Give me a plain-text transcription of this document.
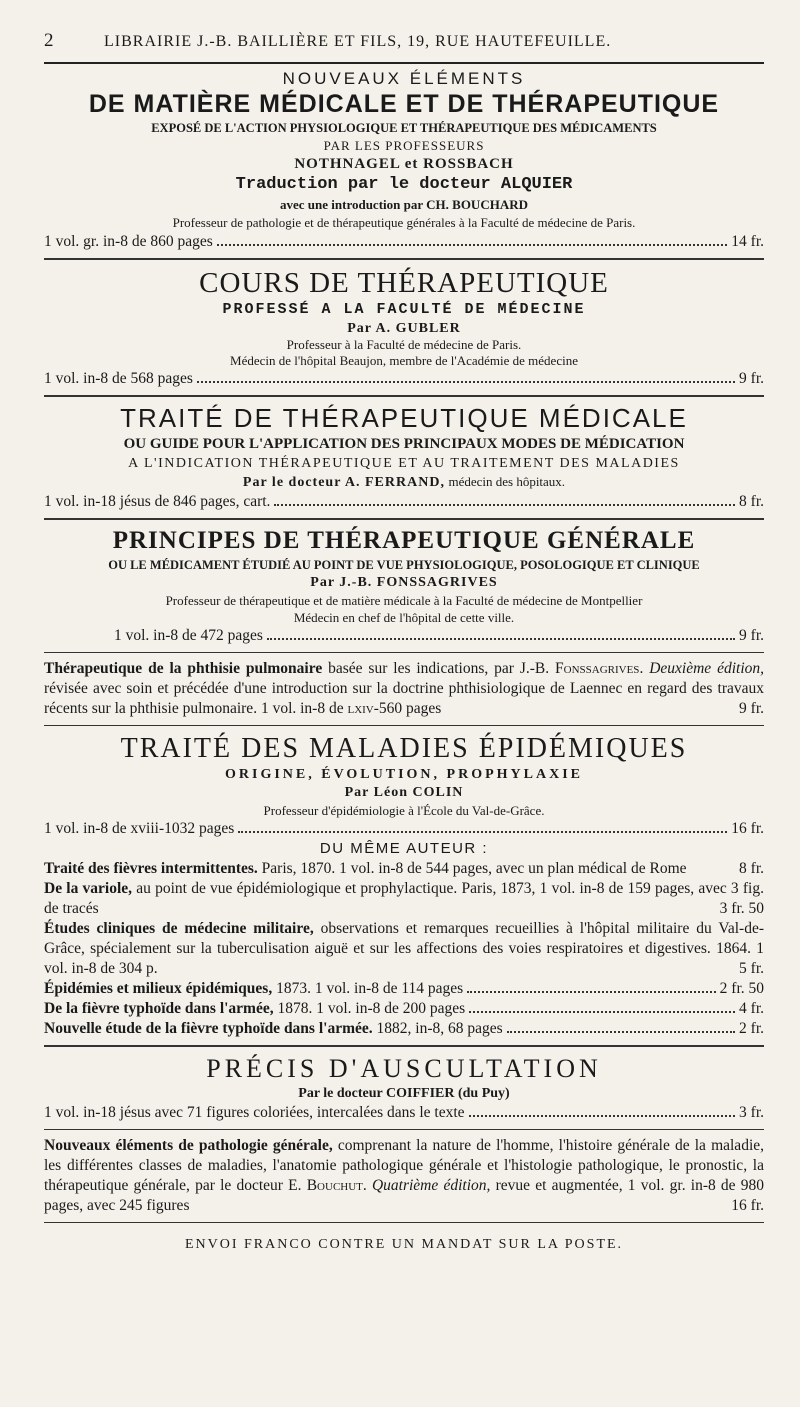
2	LIBRAIRIE J.-B. BAILLIÈRE ET FILS, 19, RUE HAUTEFEUILLE.
NOUVEAUX ÉLÉMENTS
DE MATIÈRE MÉDICALE ET DE THÉRAPEUTIQUE
EXPOSÉ DE L'ACTION PHYSIOLOGIQUE ET THÉRAPEUTIQUE DES MÉDICAMENTS
PAR LES PROFESSEURS
NOTHNAGEL et ROSSBACH
Traduction par le docteur ALQUIER
avec une introduction par CH. BOUCHARD
Professeur de pathologie et de thérapeutique générales à la Faculté de médecine de Paris.
1 vol. gr. in-8 de 860 pages	14 fr.
COURS DE THÉRAPEUTIQUE
PROFESSÉ A LA FACULTÉ DE MÉDECINE
Par A. GUBLER
Professeur à la Faculté de médecine de Paris.
Médecin de l'hôpital Beaujon, membre de l'Académie de médecine
1 vol. in-8 de 568 pages	9 fr.
TRAITÉ DE THÉRAPEUTIQUE MÉDICALE
OU GUIDE POUR L'APPLICATION DES PRINCIPAUX MODES DE MÉDICATION
A L'INDICATION THÉRAPEUTIQUE ET AU TRAITEMENT DES MALADIES
Par le docteur A. FERRAND, médecin des hôpitaux.
1 vol. in-18 jésus de 846 pages, cart.	8 fr.
PRINCIPES DE THÉRAPEUTIQUE GÉNÉRALE
OU LE MÉDICAMENT ÉTUDIÉ AU POINT DE VUE PHYSIOLOGIQUE, POSOLOGIQUE ET CLINIQUE
Par J.-B. FONSSAGRIVES
Professeur de thérapeutique et de matière médicale à la Faculté de médecine de Montpellier
Médecin en chef de l'hôpital de cette ville.
1 vol. in-8 de 472 pages	9 fr.
Thérapeutique de la phthisie pulmonaire basée sur les indications, par J.-B. Fonssagrives. Deuxième édition, révisée avec soin et précédée d'une introduction sur la doctrine phthisiologique de Laennec en regard des travaux récents sur la phthisie pulmonaire. 1 vol. in-8 de lxiv-560 pages	9 fr.
TRAITÉ DES MALADIES ÉPIDÉMIQUES
ORIGINE, ÉVOLUTION, PROPHYLAXIE
Par Léon COLIN
Professeur d'épidémiologie à l'École du Val-de-Grâce.
1 vol. in-8 de xviii-1032 pages	16 fr.
DU MÊME AUTEUR :
Traité des fièvres intermittentes. Paris, 1870. 1 vol. in-8 de 544 pages, avec un plan médical de Rome	8 fr.
De la variole, au point de vue épidémiologique et prophylactique. Paris, 1873, 1 vol. in-8 de 159 pages, avec 3 fig. de tracés	3 fr. 50
Études cliniques de médecine militaire, observations et remarques recueillies à l'hôpital militaire du Val-de-Grâce, spécialement sur la tuberculisation aiguë et sur les affections des voies respiratoires et digestives. 1864. 1 vol. in-8 de 304 p.	5 fr.
Épidémies et milieux épidémiques, 1873. 1 vol. in-8 de 114 pages	2 fr. 50
De la fièvre typhoïde dans l'armée, 1878. 1 vol. in-8 de 200 pages	4 fr.
Nouvelle étude de la fièvre typhoïde dans l'armée. 1882, in-8, 68 pages	2 fr.
PRÉCIS D'AUSCULTATION
Par le docteur COIFFIER (du Puy)
1 vol. in-18 jésus avec 71 figures coloriées, intercalées dans le texte	3 fr.
Nouveaux éléments de pathologie générale, comprenant la nature de l'homme, l'histoire générale de la maladie, les différentes classes de maladies, l'anatomie pathologique générale et l'histologie pathologique, le pronostic, la thérapeutique générale, par le docteur E. Bouchut. Quatrième édition, revue et augmentée, 1 vol. gr. in-8 de 980 pages, avec 245 figures	16 fr.
ENVOI FRANCO CONTRE UN MANDAT SUR LA POSTE.
